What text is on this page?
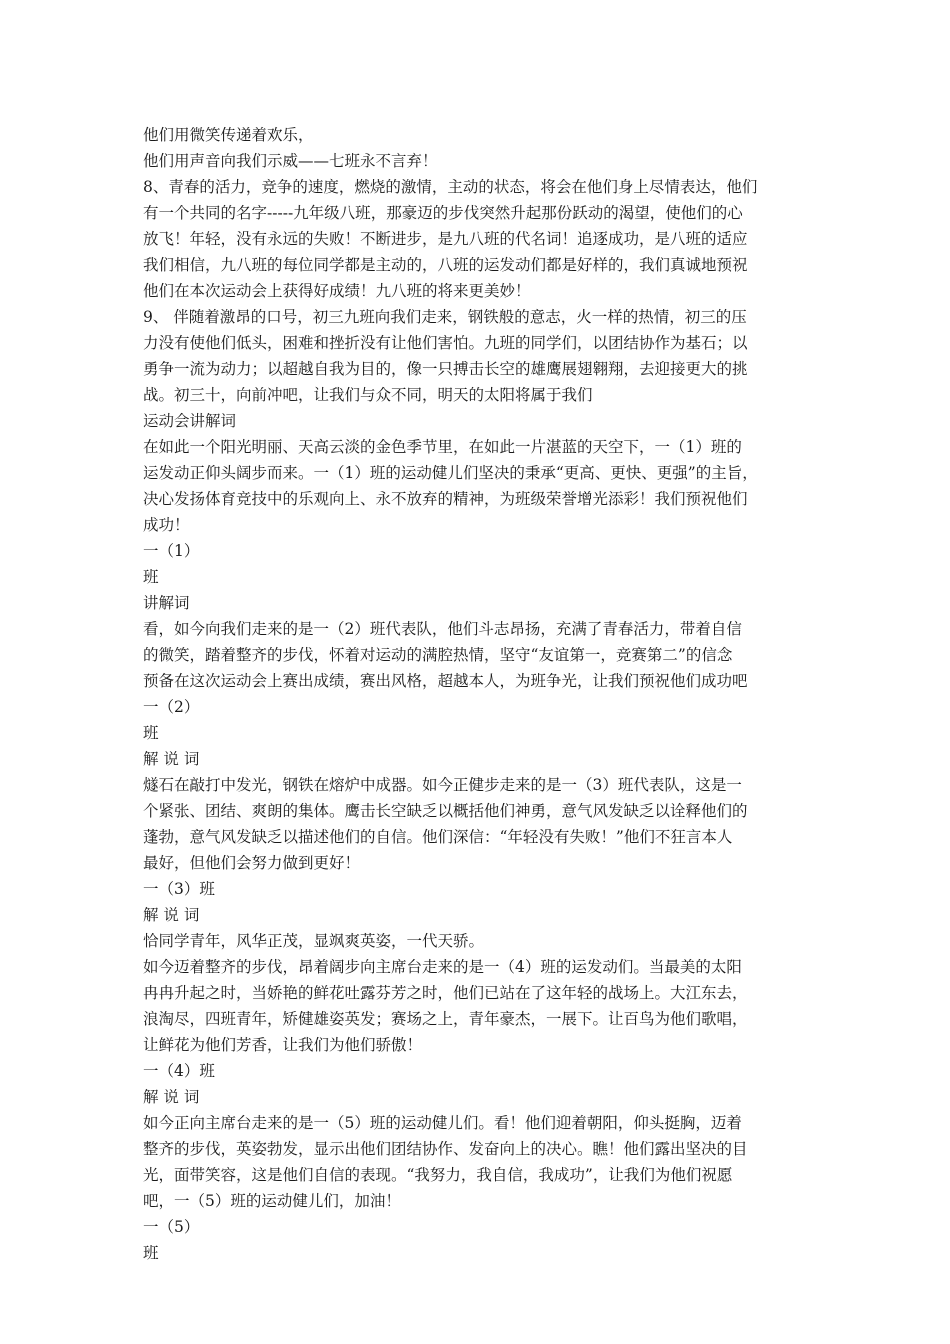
他们用微笑传递着欢乐，
他们用声音向我们示威——七班永不言弃！
8、青春的活力，竞争的速度，燃烧的激情，主动的状态，将会在他们身上尽情表达，他们
有一个共同的名字-----九年级八班，那豪迈的步伐突然升起那份跃动的渴望，使他们的心
放飞！年轻，没有永远的失败！不断进步，是九八班的代名词！追逐成功，是八班的适应
我们相信，九八班的每位同学都是主动的，八班的运发动们都是好样的，我们真诚地预祝
他们在本次运动会上获得好成绩！九八班的将来更美妙！
9、 伴随着激昂的口号，初三九班向我们走来，钢铁般的意志，火一样的热情，初三的压
力没有使他们低头，困难和挫折没有让他们害怕。九班的同学们，以团结协作为基石；以
勇争一流为动力；以超越自我为目的，像一只搏击长空的雄鹰展翅翱翔，去迎接更大的挑
战。初三十，向前冲吧，让我们与众不同，明天的太阳将属于我们
运动会讲解词
在如此一个阳光明丽、天高云淡的金色季节里，在如此一片湛蓝的天空下，一（1）班的
运发动正仰头阔步而来。一（1）班的运动健儿们坚决的秉承“更高、更快、更强”的主旨，
决心发扬体育竞技中的乐观向上、永不放弃的精神，为班级荣誉增光添彩！我们预祝他们
成功！
一（1）
班
讲解词
看，如今向我们走来的是一（2）班代表队，他们斗志昂扬，充满了青春活力，带着自信
的微笑，踏着整齐的步伐，怀着对运动的满腔热情，坚守“友谊第一，竞赛第二”的信念
预备在这次运动会上赛出成绩，赛出风格，超越本人，为班争光，让我们预祝他们成功吧
一（2）
班
解 说 词
燧石在敲打中发光，钢铁在熔炉中成器。如今正健步走来的是一（3）班代表队，这是一
个紧张、团结、爽朗的集体。鹰击长空缺乏以概括他们神勇，意气风发缺乏以诠释他们的
蓬勃，意气风发缺乏以描述他们的自信。他们深信：“年轻没有失败！”他们不狂言本人
最好，但他们会努力做到更好！
一（3）班
解 说 词
恰同学青年，风华正茂，显飒爽英姿，一代天骄。
如今迈着整齐的步伐，昂着阔步向主席台走来的是一（4）班的运发动们。当最美的太阳
冉冉升起之时，当娇艳的鲜花吐露芬芳之时，他们已站在了这年轻的战场上。大江东去，
浪淘尽，四班青年，矫健雄姿英发；赛场之上，青年豪杰，一展下。让百鸟为他们歌唱，
让鲜花为他们芳香，让我们为他们骄傲！
一（4）班
解 说 词
如今正向主席台走来的是一（5）班的运动健儿们。看！他们迎着朝阳，仰头挺胸，迈着
整齐的步伐，英姿勃发，显示出他们团结协作、发奋向上的决心。瞧！他们露出坚决的目
光，面带笑容，这是他们自信的表现。“我努力，我自信，我成功”，让我们为他们祝愿
吧，一（5）班的运动健儿们，加油！
一（5）
班
